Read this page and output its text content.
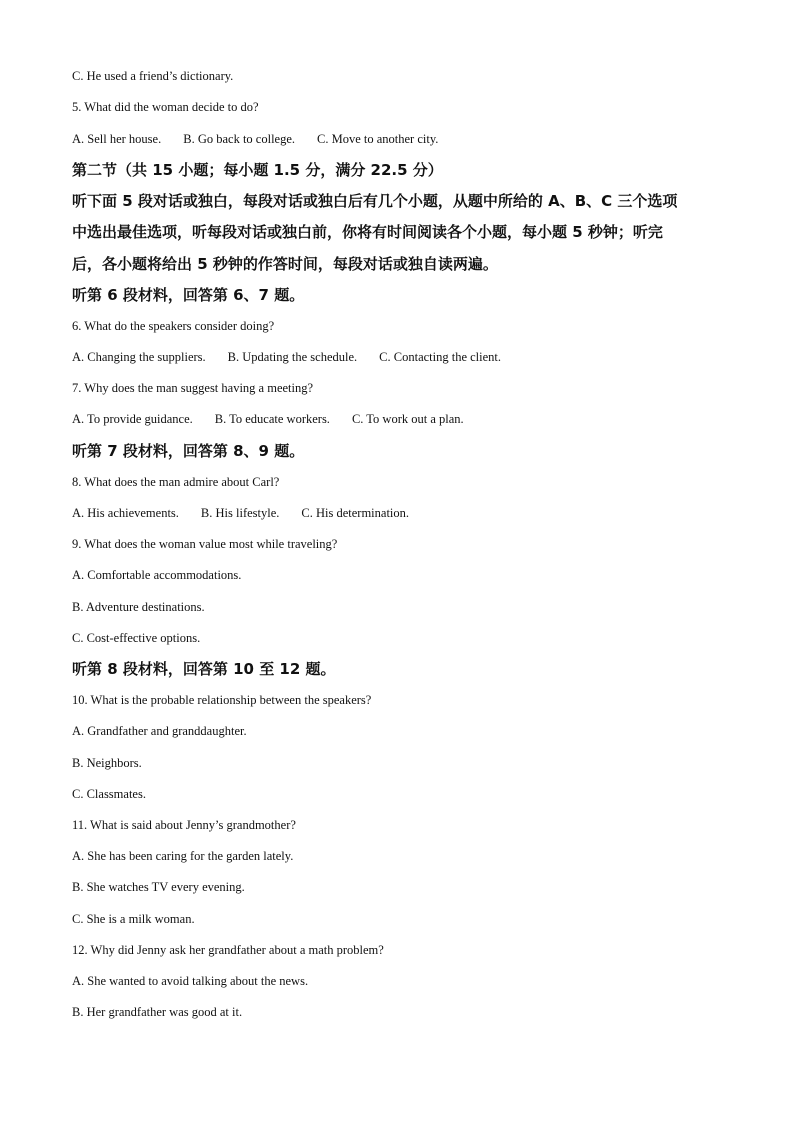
C. He used a friend’s dictionary.
5. What did the woman decide to do?
A. Sell her house. B. Go back to college. C. Move to another city.
第二节（共 15 小题；每小题 1.5 分，满分 22.5 分）
听下面 5 段对话或独白，每段对话或独白后有几个小题，从题中所给的 A、B、C 三个选项
中选出最佳选项，听每段对话或独白前，你将有时间阅读各个小题，每小题 5 秒钟；听完
后，各小题将给出 5 秒钟的作答时间，每段对话或独自读两遍。
听第 6 段材料，回答第 6、7 题。
6. What do the speakers consider doing?
A. Changing the suppliers. B. Updating the schedule. C. Contacting the client.
7. Why does the man suggest having a meeting?
A. To provide guidance. B. To educate workers. C. To work out a plan.
听第 7 段材料，回答第 8、9 题。
8. What does the man admire about Carl?
A. His achievements. B. His lifestyle. C. His determination.
9. What does the woman value most while traveling?
A. Comfortable accommodations.
B. Adventure destinations.
C. Cost-effective options.
听第 8 段材料，回答第 10 至 12 题。
10. What is the probable relationship between the speakers?
A. Grandfather and granddaughter.
B. Neighbors.
C. Classmates.
11. What is said about Jenny’s grandmother?
A. She has been caring for the garden lately.
B. She watches TV every evening.
C. She is a milk woman.
12. Why did Jenny ask her grandfather about a math problem?
A. She wanted to avoid talking about the news.
B. Her grandfather was good at it.
